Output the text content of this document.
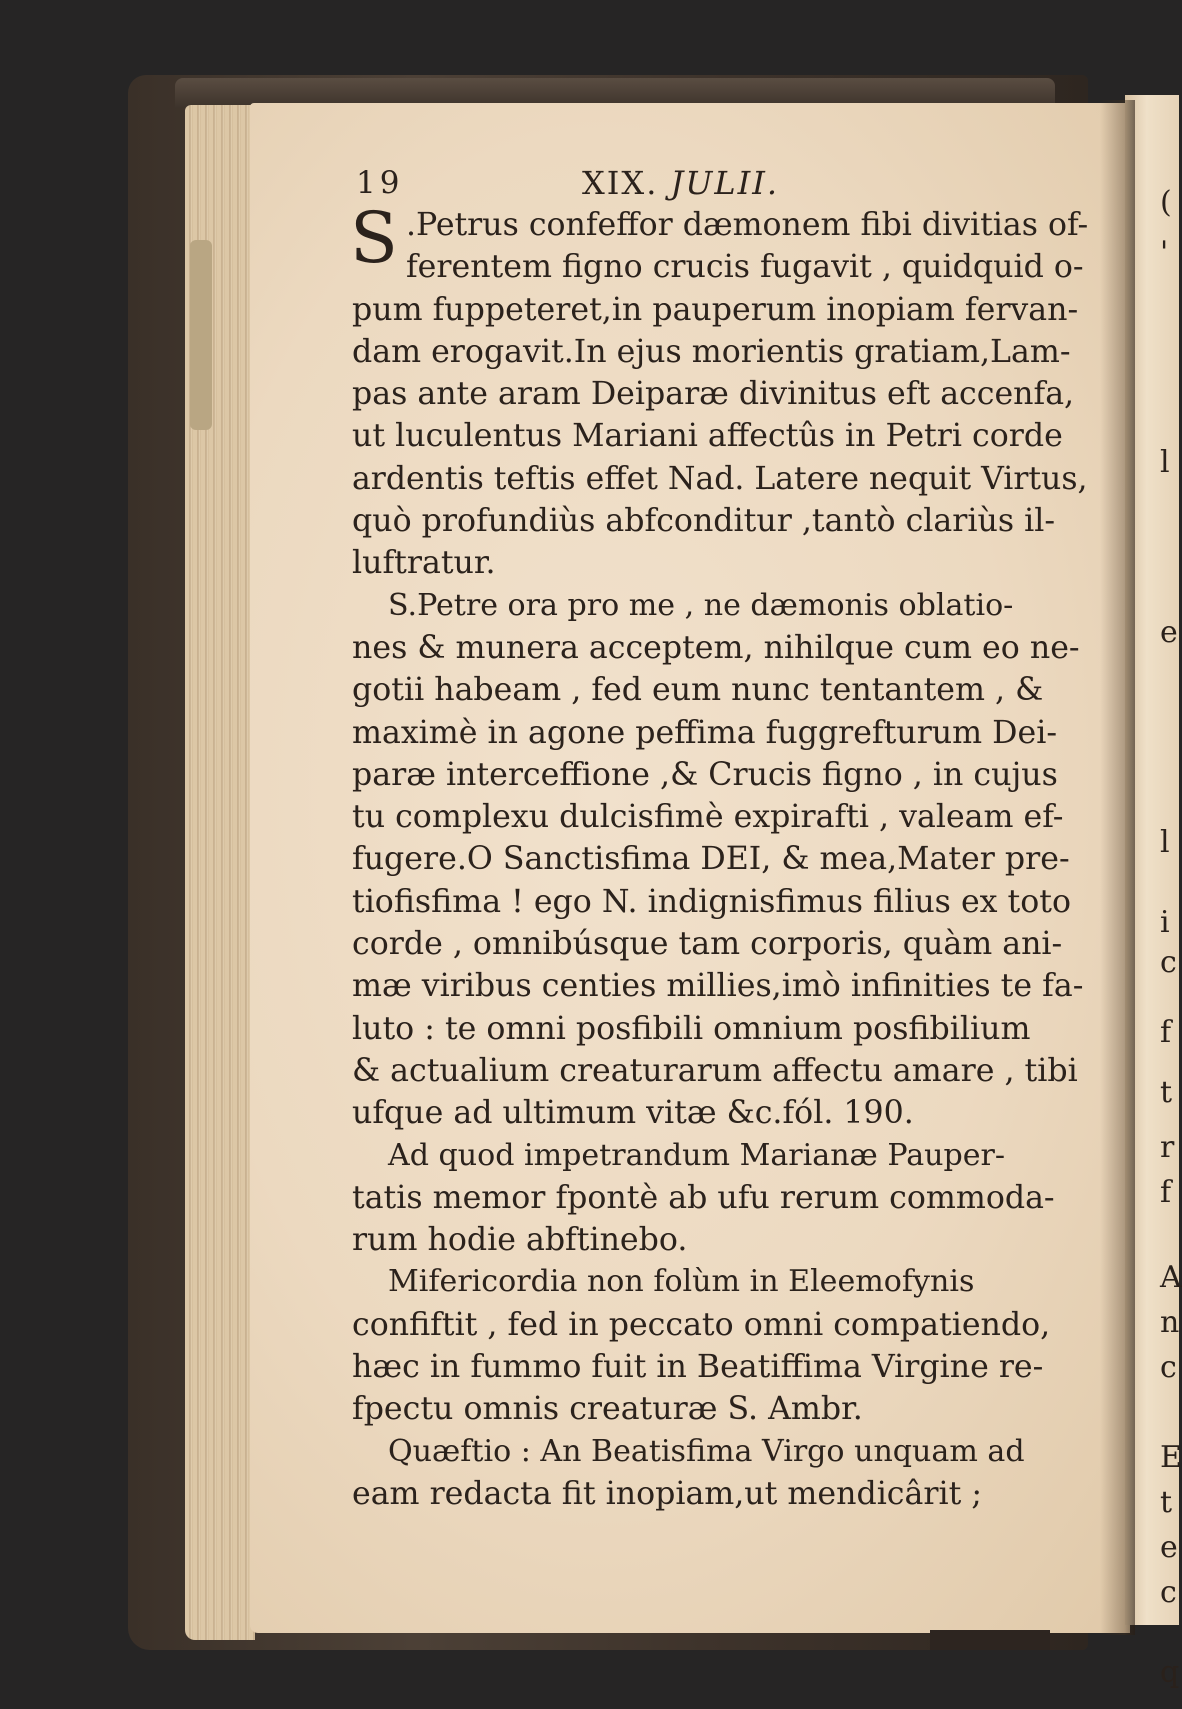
(
'
l
e
l
i
c
f
t
r
f
A
n
c
E
t
e
c
q
19	XIX. JULII.
S .Petrus confeffor dæmonem fibi divitias of-
ferentem figno crucis fugavit , quidquid o-
pum fuppeteret,in pauperum inopiam fervan-
dam erogavit.In ejus morientis gratiam,Lam-
pas ante aram Deiparæ divinitus eft accenfa,
ut luculentus Mariani affectûs in Petri corde
ardentis teftis effet Nad. Latere nequit Virtus,
quò profundiùs abfconditur ,tantò clariùs il-
luftratur.
S.Petre ora pro me , ne dæmonis oblatio-
nes & munera acceptem, nihilque cum eo ne-
gotii habeam , fed eum nunc tentantem , &
maximè in agone peffima fuggrefturum Dei-
paræ interceffione ,& Crucis figno , in cujus
tu complexu dulcisfimè expirafti , valeam ef-
fugere.O Sanctisfima DEI, & mea,Mater pre-
tiofisfima ! ego N. indignisfimus filius ex toto
corde , omnibúsque tam corporis, quàm ani-
mæ viribus centies millies,imò infinities te fa-
luto : te omni posfibili omnium posfibilium
& actualium creaturarum affectu amare , tibi
ufque ad ultimum vitæ &c.fól. 190.
Ad quod impetrandum Marianæ Pauper-
tatis memor fpontè ab ufu rerum commoda-
rum hodie abftinebo.
Mifericordia non folùm in Eleemofynis
confiftit , fed in peccato omni compatiendo,
hæc in fummo fuit in Beatiffima Virgine re-
fpectu omnis creaturæ S. Ambr.
Quæftio : An Beatisfima Virgo unquam ad
eam redacta fit inopiam,ut mendicârit ;
